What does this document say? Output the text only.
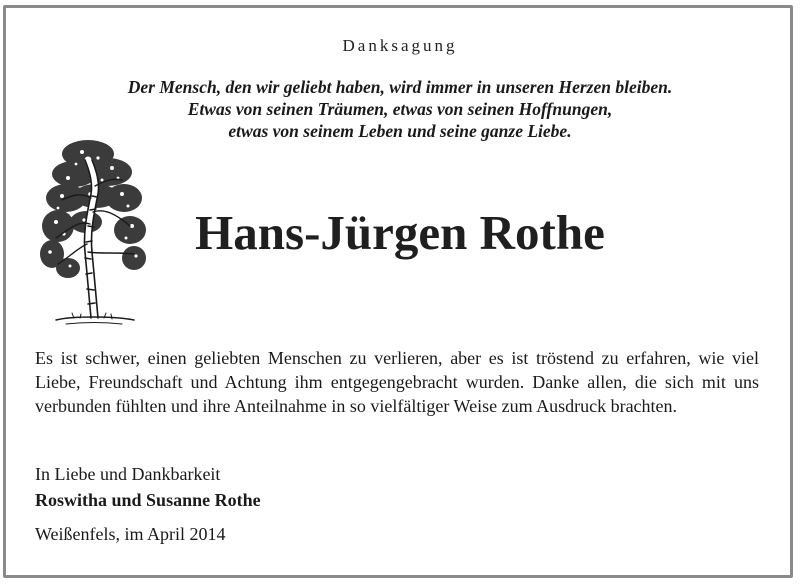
Danksagung
Der Mensch, den wir geliebt haben, wird immer in unseren Herzen bleiben.
Etwas von seinen Träumen, etwas von seinen Hoffnungen,
etwas von seinem Leben und seine ganze Liebe.
Hans-Jürgen Rothe
Es ist schwer, einen geliebten Menschen zu verlieren, aber es ist tröstend zu erfahren, wie viel Liebe, Freundschaft und Achtung ihm entgegengebracht wurden. Danke allen, die sich mit uns verbunden fühlten und ihre Anteilnahme in so vielfältiger Weise zum Ausdruck brachten.
In Liebe und Dankbarkeit
Roswitha und Susanne Rothe
Weißenfels, im April 2014
